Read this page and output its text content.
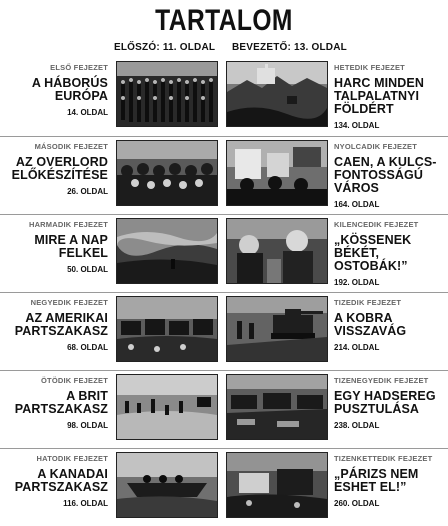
TARTALOM
ELŐSZÓ: 11. OLDAL BEVEZETŐ: 13. OLDAL
ELSŐ FEJEZET
A HÁBORÚS
EURÓPA
14. OLDAL
HETEDIK FEJEZET
HARC MINDEN
TALPALATNYI
FÖLDÉRT
134. OLDAL
MÁSODIK FEJEZET
AZ OVERLORD
ELŐKÉSZÍTÉSE
26. OLDAL
NYOLCADIK FEJEZET
CAEN, A KULCS-
FONTOSSÁGÚ
VÁROS
164. OLDAL
HARMADIK FEJEZET
MIRE A NAP
FELKEL
50. OLDAL
KILENCEDIK FEJEZET
„KÖSSENEK BÉKÉT,
OSTOBÁK!”
192. OLDAL
NEGYEDIK FEJEZET
AZ AMERIKAI
PARTSZAKASZ
68. OLDAL
TIZEDIK FEJEZET
A KOBRA
VISSZAVÁG
214. OLDAL
ÖTÖDIK FEJEZET
A BRIT
PARTSZAKASZ
98. OLDAL
TIZENEGYEDIK FEJEZET
EGY HADSEREG
PUSZTULÁSA
238. OLDAL
HATODIK FEJEZET
A KANADAI
PARTSZAKASZ
116. OLDAL
TIZENKETTEDIK FEJEZET
„PÁRIZS NEM
ESHET EL!”
260. OLDAL
